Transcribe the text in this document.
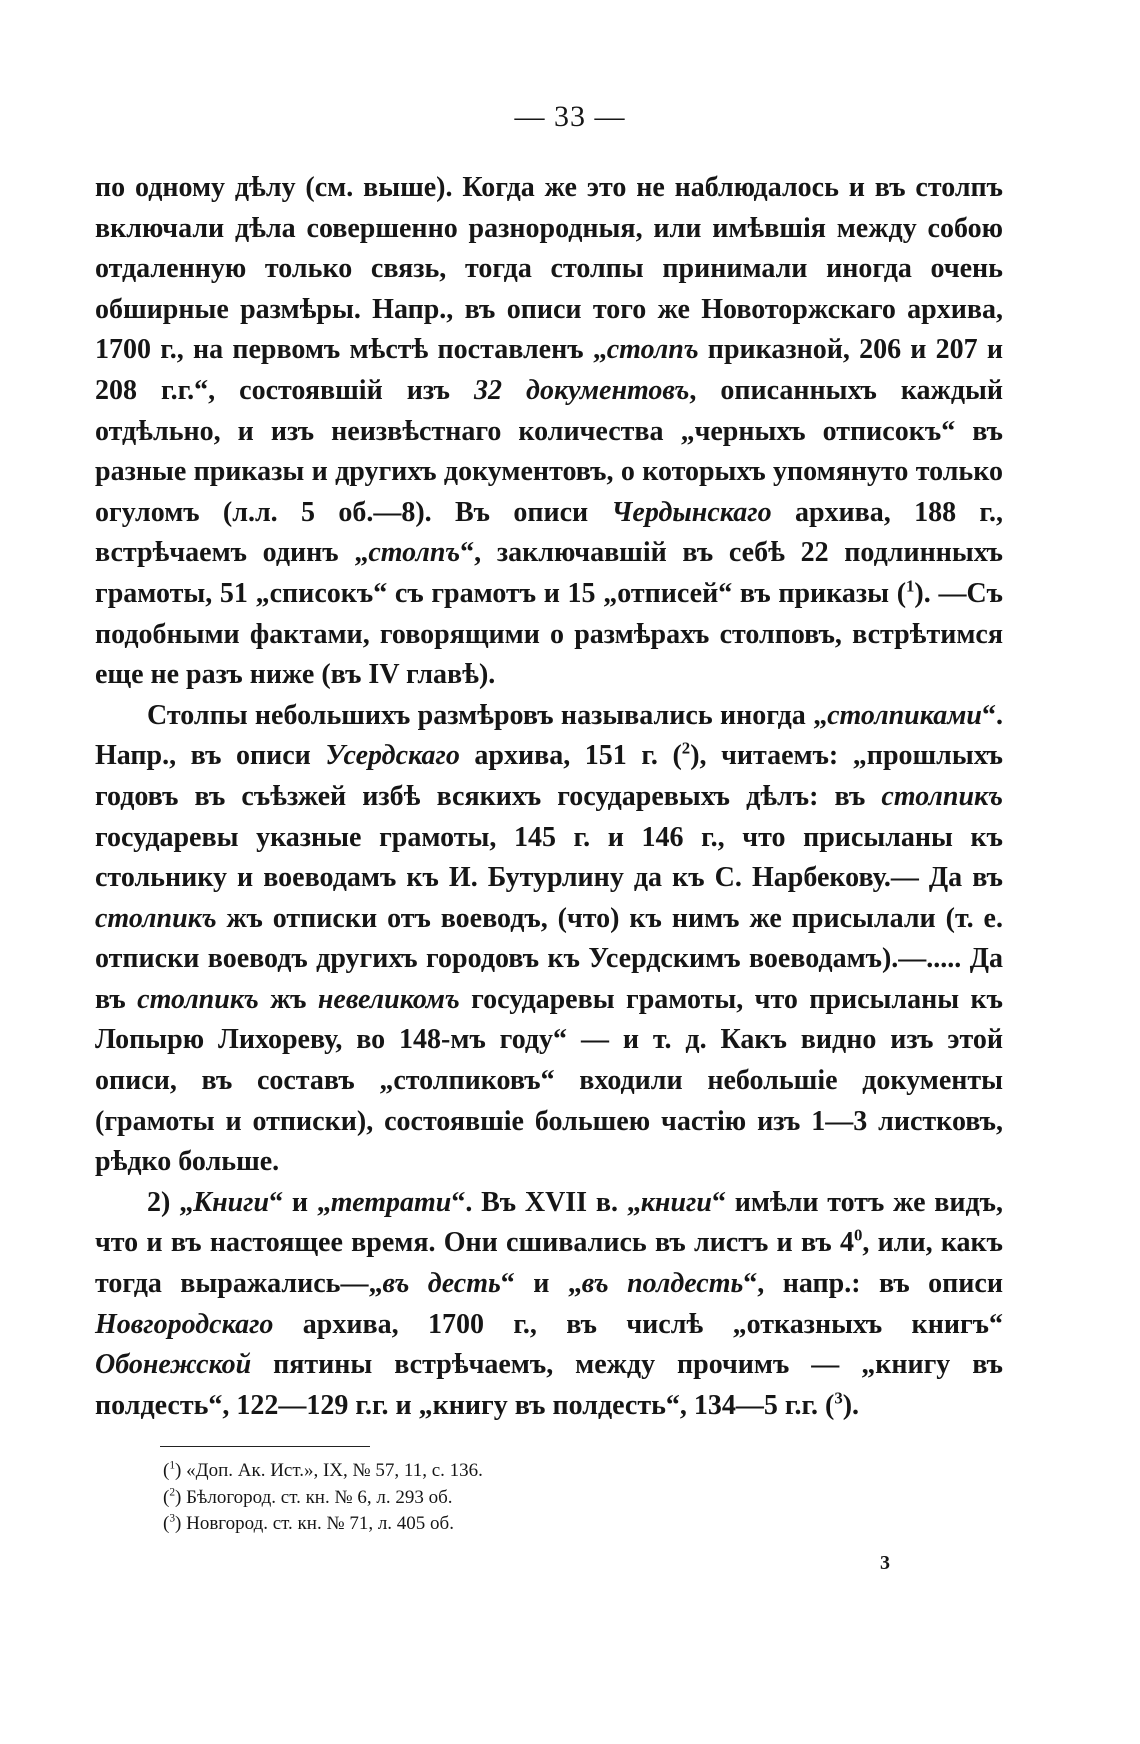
— 33 —

по одному дѣлу (см. выше). Когда же это не наблюдалось и въ столпъ включали дѣла совершенно разнородныя, или имѣвшія между собою отдаленную только связь, тогда столпы принимали иногда очень обширные размѣры. Напр., въ описи того же Новоторжскаго архива, 1700 г., на первомъ мѣстѣ поставленъ „столпъ приказной, 206 и 207 и 208 г.г.“, состоявшій изъ 32 документовъ, описанныхъ каждый отдѣльно, и изъ неизвѣстнаго количества „черныхъ отписокъ“ въ разные приказы и другихъ документовъ, о которыхъ упомянуто только огуломъ (л.л. 5 об.—8). Въ описи Чердынскаго архива, 188 г., встрѣчаемъ одинъ „столпъ“, заключавшій въ себѣ 22 подлинныхъ грамоты, 51 „списокъ“ съ грамотъ и 15 „отписей“ въ приказы ($^1$). —Съ подобными фактами, говорящими о размѣрахъ столповъ, встрѣтимся еще не разъ ниже (въ IV главѣ).

Столпы небольшихъ размѣровъ назывались иногда „столпиками“. Напр., въ описи Усердскаго архива, 151 г. ($^2$), читаемъ: „прошлыхъ годовъ въ съѣзжей избѣ всякихъ государевыхъ дѣлъ: въ столпикъ государевы указные грамоты, 145 г. и 146 г., что присыланы къ стольнику и воеводамъ къ И. Бутурлину да къ С. Нарбекову.— Да въ столпикъ жъ отписки отъ воеводъ, (что) къ нимъ же присылали (т. е. отписки воеводъ другихъ городовъ къ Усердскимъ воеводамъ).—..... Да въ столпикъ жъ невеликомъ государевы грамоты, что присыланы къ Лопырю Лихореву, во 148-мъ году“ — и т. д. Какъ видно изъ этой описи, въ составъ „столпиковъ“ входили небольшіе документы (грамоты и отписки), состоявшіе большею частію изъ 1—3 листковъ, рѣдко больше.

2) „Книги“ и „тетрати“. Въ XVII в. „книги“ имѣли тотъ же видъ, что и въ настоящее время. Они сшивались въ листъ и въ $4^0$, или, какъ тогда выражались—„въ десть“ и „въ полдесть“, напр.: въ описи Новгородскаго архива, 1700 г., въ числѣ „отказныхъ книгъ“ Обонежской пятины встрѣчаемъ, между прочимъ — „книгу въ полдесть“, 122—129 г.г. и „книгу въ полдесть“, 134—5 г.г. ($^3$).

($^1$) «Доп. Ак. Ист.», IX, № 57, 11, с. 136.
($^2$) Бѣлогород. ст. кн. № 6, л. 293 об.
($^3$) Новгород. ст. кн. № 71, л. 405 об.
3
